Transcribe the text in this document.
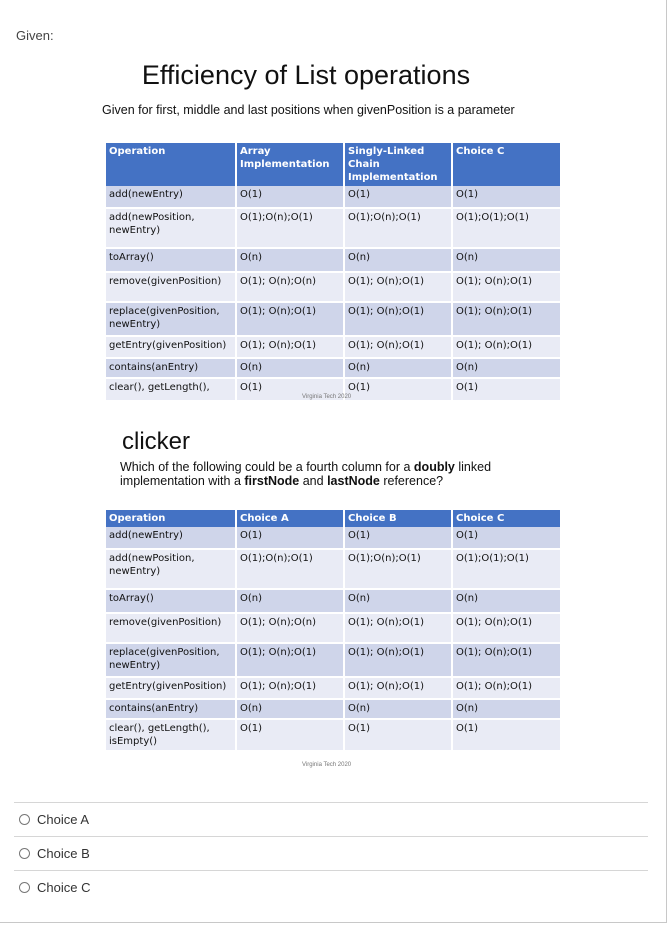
Given:
Efficiency of List operations
Given for first, middle and last positions when givenPosition is a parameter
Operation	Array Implementation	Singly-Linked Chain Implementation	Choice C
add(newEntry)	O(1)	O(1)	O(1)
add(newPosition, newEntry)	O(1);O(n);O(1)	O(1);O(n);O(1)	O(1);O(1);O(1)
toArray()	O(n)	O(n)	O(n)
remove(givenPosition)	O(1); O(n);O(n)	O(1); O(n);O(1)	O(1); O(n);O(1)
replace(givenPosition, newEntry)	O(1); O(n);O(1)	O(1); O(n);O(1)	O(1); O(n);O(1)
getEntry(givenPosition)	O(1); O(n);O(1)	O(1); O(n);O(1)	O(1); O(n);O(1)
contains(anEntry)	O(n)	O(n)	O(n)
clear(), getLength(),	O(1)	O(1)	O(1)
Virginia Tech 2020
clicker
Which of the following could be a fourth column for a doubly linked implementation with a firstNode and lastNode reference?
Operation	Choice A	Choice B	Choice C
add(newEntry)	O(1)	O(1)	O(1)
add(newPosition, newEntry)	O(1);O(n);O(1)	O(1);O(n);O(1)	O(1);O(1);O(1)
toArray()	O(n)	O(n)	O(n)
remove(givenPosition)	O(1); O(n);O(n)	O(1); O(n);O(1)	O(1); O(n);O(1)
replace(givenPosition, newEntry)	O(1); O(n);O(1)	O(1); O(n);O(1)	O(1); O(n);O(1)
getEntry(givenPosition)	O(1); O(n);O(1)	O(1); O(n);O(1)	O(1); O(n);O(1)
contains(anEntry)	O(n)	O(n)	O(n)
clear(), getLength(), isEmpty()	O(1)	O(1)	O(1)
Virginia Tech 2020
Choice A
Choice B
Choice C
